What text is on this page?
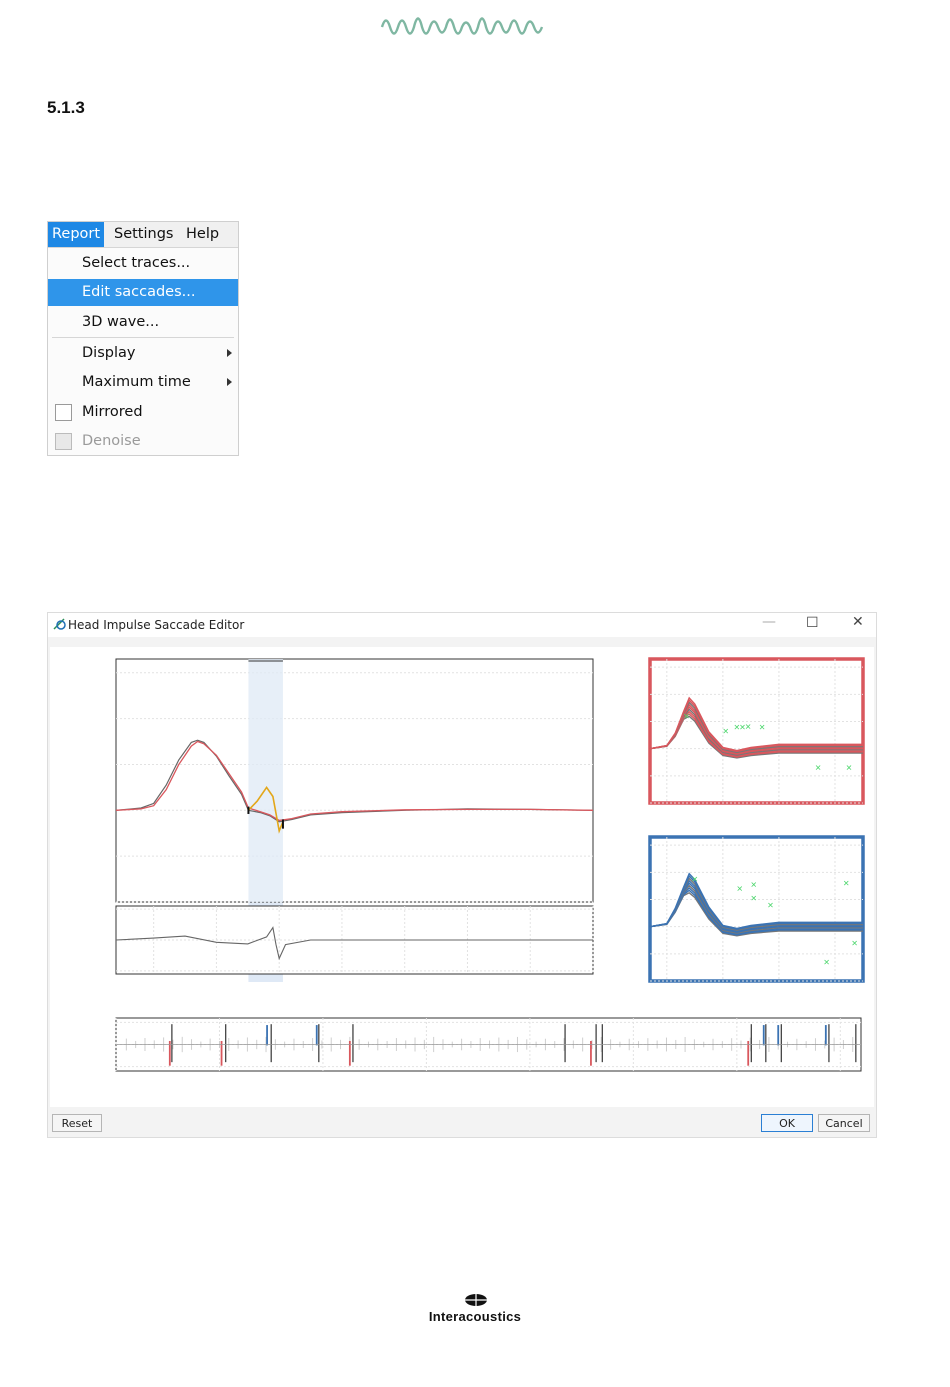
5.1.3
Report Settings Help
Select traces...
Edit saccades...
3D wave...
Display
Maximum time
Mirrored
Denoise
Head Impulse Saccade Editor	— ☐ ✕
✕
✕ ✕
✕
✕ ✕
✕	✕
✕
✕ ✕
✕
✕
✕
✕
✕
Reset	OK	Cancel
Interacoustics
